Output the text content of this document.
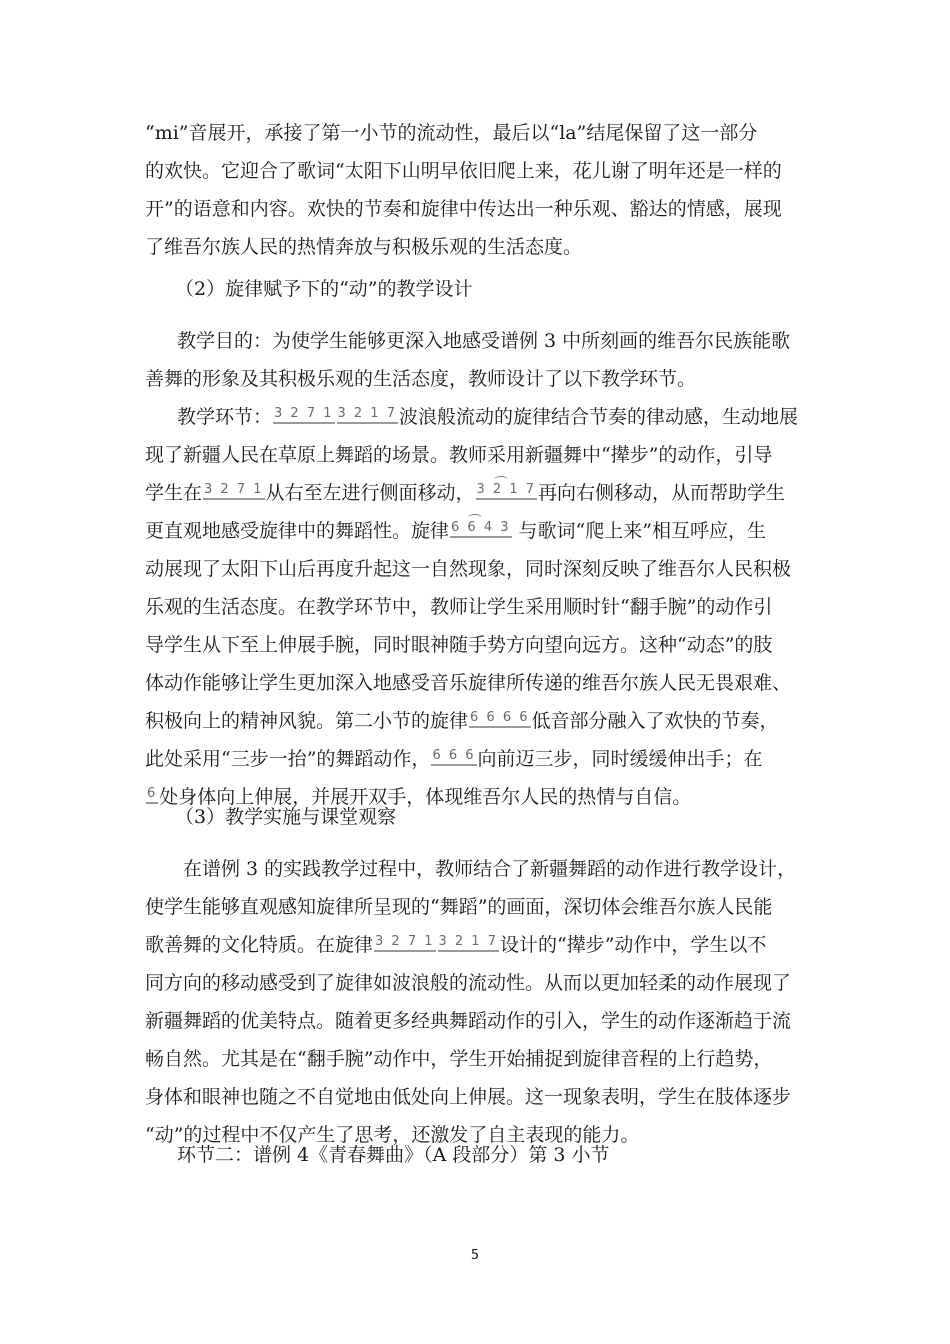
“mi”音展开，承接了第一小节的流动性，最后以“la”结尾保留了这一部分
的欢快。它迎合了歌词“太阳下山明早依旧爬上来，花儿谢了明年还是一样的
开”的语意和内容。欢快的节奏和旋律中传达出一种乐观、豁达的情感，展现
了维吾尔族人民的热情奔放与积极乐观的生活态度。
（2）旋律赋予下的“动”的教学设计
教学目的：为使学生能够更深入地感受谱例 3 中所刻画的维吾尔民族能歌
善舞的形象及其积极乐观的生活态度，教师设计了以下教学环节。
教学环节： 3 2 7 1 3 2 1 7 波浪般流动的旋律结合节奏的律动感，生动地展
现了新疆人民在草原上舞蹈的场景。教师采用新疆舞中“撵步”的动作，引导
学生在 3 2 7 1 从右至左进行侧面移动， 3 2 1 7 再向右侧移动，从而帮助学生
更直观地感受旋律中的舞蹈性。旋律 6 6 4 3 与歌词“爬上来”相互呼应，生
动展现了太阳下山后再度升起这一自然现象，同时深刻反映了维吾尔人民积极
乐观的生活态度。在教学环节中，教师让学生采用顺时针“翻手腕”的动作引
导学生从下至上伸展手腕，同时眼神随手势方向望向远方。这种“动态”的肢
体动作能够让学生更加深入地感受音乐旋律所传递的维吾尔族人民无畏艰难、
积极向上的精神风貌。第二小节的旋律 6 6 6 6 低音部分融入了欢快的节奏，
此处采用“三步一抬”的舞蹈动作， 6 6 6 向前迈三步，同时缓缓伸出手；在
6 处身体向上伸展，并展开双手，体现维吾尔人民的热情与自信。
（3）教学实施与课堂观察
在谱例 3 的实践教学过程中，教师结合了新疆舞蹈的动作进行教学设计，
使学生能够直观感知旋律所呈现的“舞蹈”的画面，深切体会维吾尔族人民能
歌善舞的文化特质。在旋律 3 2 7 1 3 2 1 7 设计的“撵步”动作中，学生以不
同方向的移动感受到了旋律如波浪般的流动性。从而以更加轻柔的动作展现了
新疆舞蹈的优美特点。随着更多经典舞蹈动作的引入，学生的动作逐渐趋于流
畅自然。尤其是在“翻手腕”动作中，学生开始捕捉到旋律音程的上行趋势，
身体和眼神也随之不自觉地由低处向上伸展。这一现象表明，学生在肢体逐步
“动”的过程中不仅产生了思考，还激发了自主表现的能力。
环节二：谱例 4《青春舞曲》（A 段部分）第 3 小节
5
